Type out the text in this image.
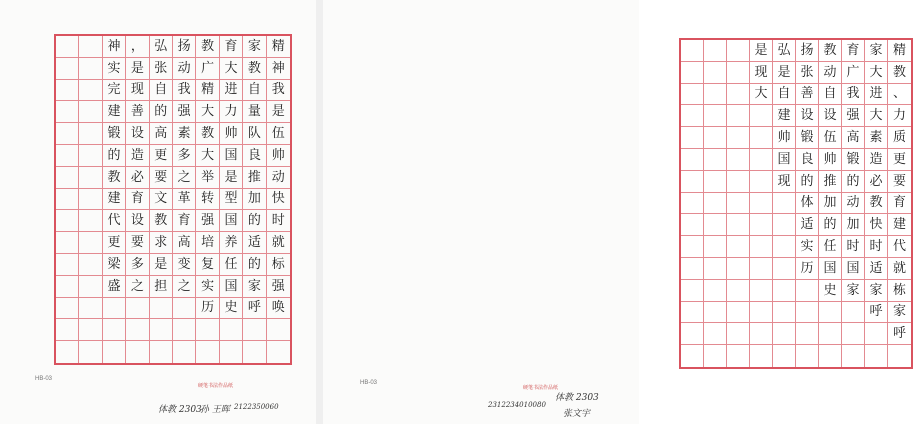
神 ， 弘 扬 教 育 家 精
实 是 张 动 广 大 教 神
完 现 自 我 精 进 自 我
建 善 的 强 大 力 量 是
锻 设 高 素 教 帅 队 伍
的 造 更 多 大 国 良 帅
教 必 要 之 举 是 推 动
建 育 文 革 转 型 加 快
代 设 教 育 强 国 的 时
更 要 求 高 培 养 适 就
梁 多 是 变 复 任 的 标
盛 之 担 之 实 国 家 强
历 史 呼 唤
HB-03
硬笔书法作品纸
体教 2303
孙 王晖 2122350060
是 弘 扬 教 育 家 精
现 是 张 动 广 大 教
大 自 善 自 我 进 、
建 设 设 强 大 力
帅 锻 伍 高 素 质
国 良 帅 锻 造 更
现 的 推 的 必 要
体 加 动 教 育
适 的 加 快 建
实 任 时 时 代
历 国 国 适 就
史 家 家 栋
呼 家
呼
HB-03
硬笔书法作品纸
体教 2303
张文宇
2312234010080
